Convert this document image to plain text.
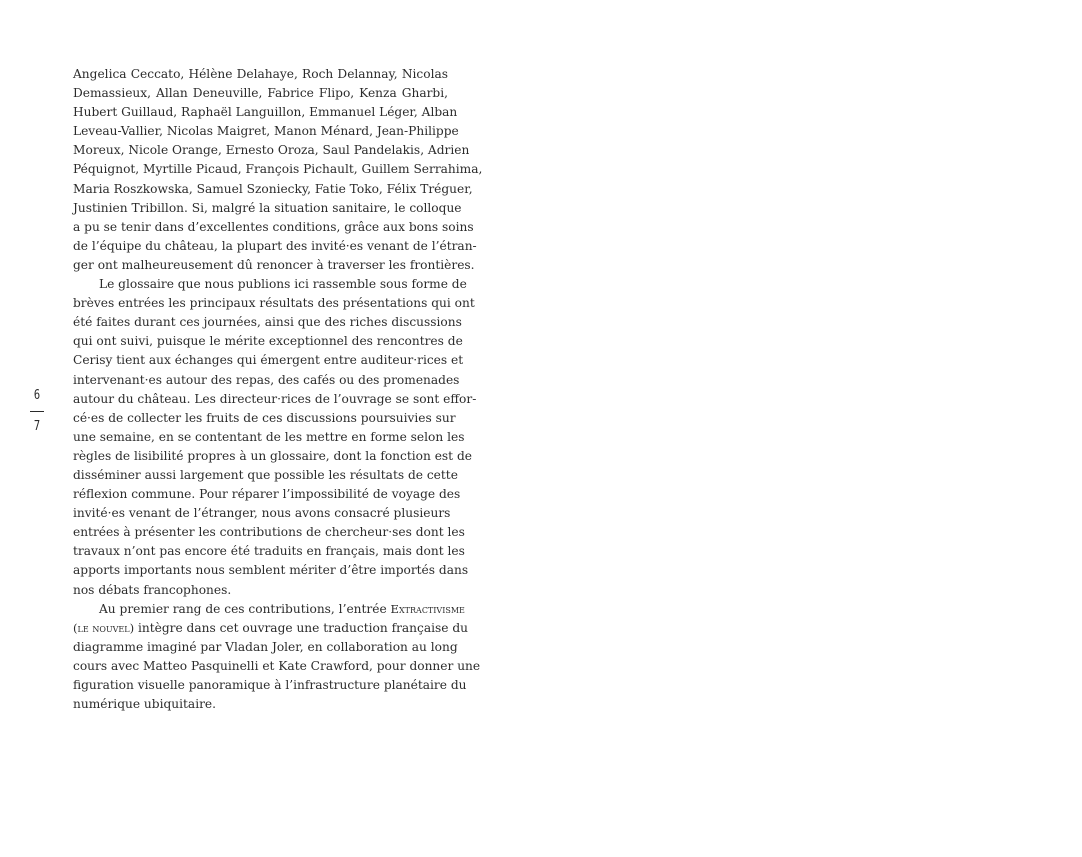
6
7
Angelica Ceccato, Hélène Delahaye, Roch Delannay, Nicolas
Demassieux, Allan Deneuville, Fabrice Flipo, Kenza Gharbi,
Hubert Guillaud, Raphaël Languillon, Emmanuel Léger, Alban
Leveau-Vallier, Nicolas Maigret, Manon Ménard, Jean-Philippe
Moreux, Nicole Orange, Ernesto Oroza, Saul Pandelakis, Adrien
Péquignot, Myrtille Picaud, François Pichault, Guillem Serrahima,
Maria Roszkowska, Samuel Szoniecky, Fatie Toko, Félix Tréguer,
Justinien Tribillon. Si, malgré la situation sanitaire, le colloque
a pu se tenir dans d’excellentes conditions, grâce aux bons soins
de l’équipe du château, la plupart des invité·es venant de l’étran-
ger ont malheureusement dû renoncer à traverser les frontières.
Le glossaire que nous publions ici rassemble sous forme de
brèves entrées les principaux résultats des présentations qui ont
été faites durant ces journées, ainsi que des riches discussions
qui ont suivi, puisque le mérite exceptionnel des rencontres de
Cerisy tient aux échanges qui émergent entre auditeur·rices et
intervenant·es autour des repas, des cafés ou des promenades
autour du château. Les directeur·rices de l’ouvrage se sont effor-
cé·es de collecter les fruits de ces discussions poursuivies sur
une semaine, en se contentant de les mettre en forme selon les
règles de lisibilité propres à un glossaire, dont la fonction est de
disséminer aussi largement que possible les résultats de cette
réflexion commune. Pour réparer l’impossibilité de voyage des
invité·es venant de l’étranger, nous avons consacré plusieurs
entrées à présenter les contributions de chercheur·ses dont les
travaux n’ont pas encore été traduits en français, mais dont les
apports importants nous semblent mériter d’être importés dans
nos débats francophones.
Au premier rang de ces contributions, l’entrée Extractivisme
(le nouvel) intègre dans cet ouvrage une traduction française du
diagramme imaginé par Vladan Joler, en collaboration au long
cours avec Matteo Pasquinelli et Kate Crawford, pour donner une
figuration visuelle panoramique à l’infrastructure planétaire du
numérique ubiquitaire.
